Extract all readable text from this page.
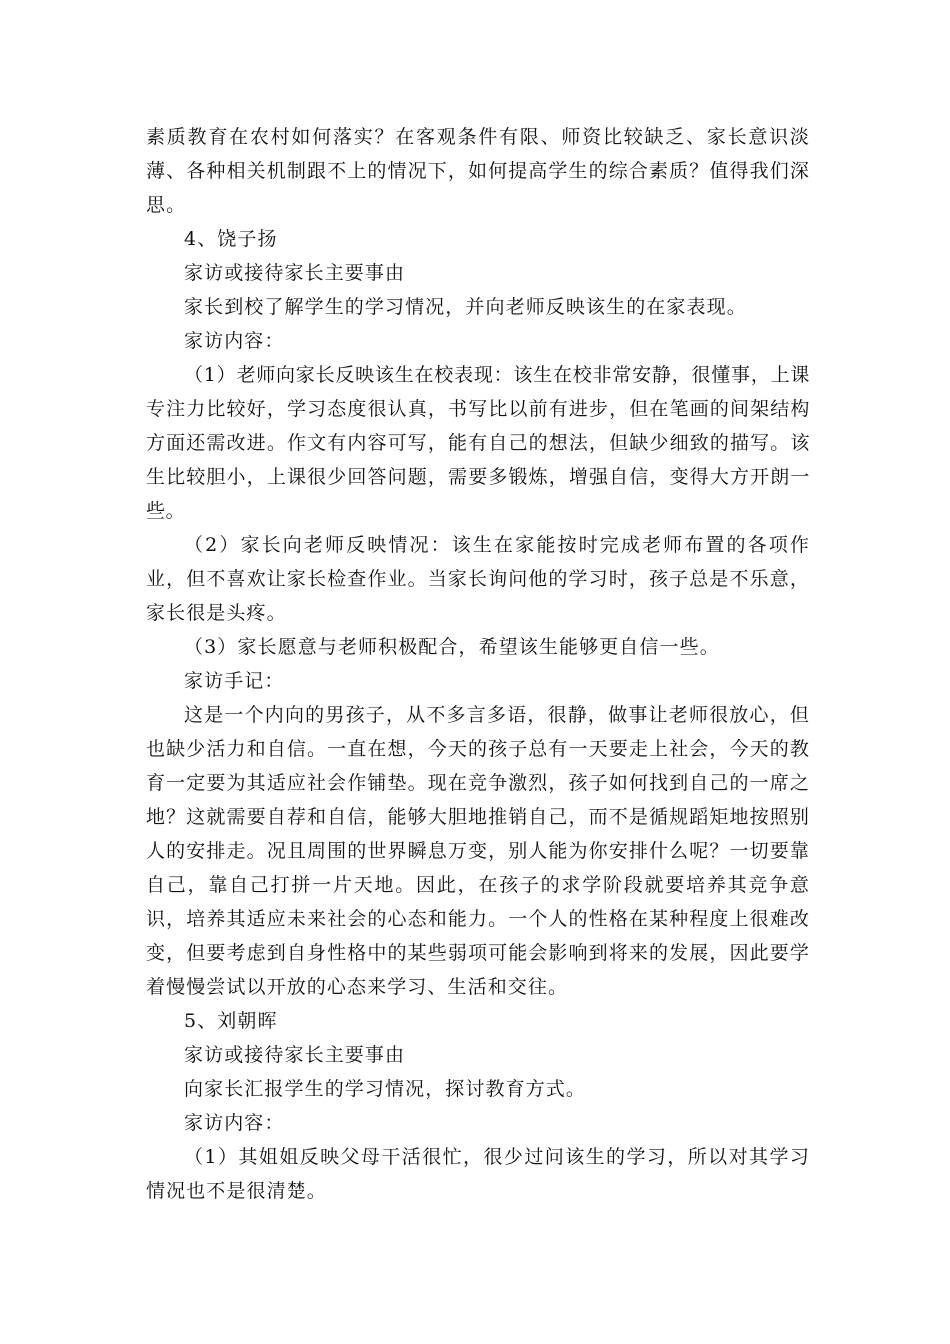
素质教育在农村如何落实？在客观条件有限、师资比较缺乏、家长意识淡薄、各种相关机制跟不上的情况下，如何提高学生的综合素质？值得我们深思。

4、饶子扬

家访或接待家长主要事由

家长到校了解学生的学习情况，并向老师反映该生的在家表现。

家访内容：

（1）老师向家长反映该生在校表现：该生在校非常安静，很懂事，上课专注力比较好，学习态度很认真，书写比以前有进步，但在笔画的间架结构方面还需改进。作文有内容可写，能有自己的想法，但缺少细致的描写。该生比较胆小，上课很少回答问题，需要多锻炼，增强自信，变得大方开朗一些。

（2）家长向老师反映情况：该生在家能按时完成老师布置的各项作业，但不喜欢让家长检查作业。当家长询问他的学习时，孩子总是不乐意，家长很是头疼。

（3）家长愿意与老师积极配合，希望该生能够更自信一些。

家访手记：

这是一个内向的男孩子，从不多言多语，很静，做事让老师很放心，但也缺少活力和自信。一直在想，今天的孩子总有一天要走上社会，今天的教育一定要为其适应社会作铺垫。现在竞争激烈，孩子如何找到自己的一席之地？这就需要自荐和自信，能够大胆地推销自己，而不是循规蹈矩地按照别人的安排走。况且周围的世界瞬息万变，别人能为你安排什么呢？一切要靠自己，靠自己打拼一片天地。因此，在孩子的求学阶段就要培养其竞争意识，培养其适应未来社会的心态和能力。一个人的性格在某种程度上很难改变，但要考虑到自身性格中的某些弱项可能会影响到将来的发展，因此要学着慢慢尝试以开放的心态来学习、生活和交往。

5、刘朝晖

家访或接待家长主要事由

向家长汇报学生的学习情况，探讨教育方式。

家访内容：

（1）其姐姐反映父母干活很忙，很少过问该生的学习，所以对其学习情况也不是很清楚。
